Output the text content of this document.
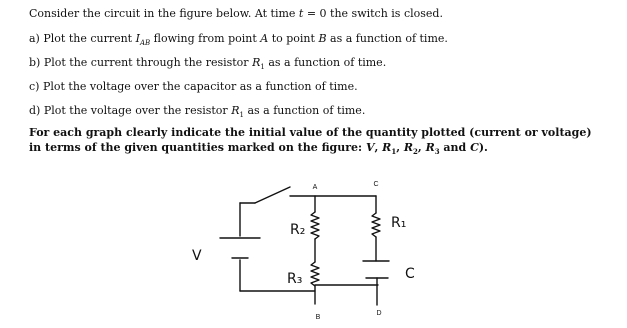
Consider the circuit in the figure below. At time t = 0 the switch is closed.
a) Plot the current $I_{AB}$ flowing from point A to point B as a function of time.
b) Plot the current through the resistor $R_1$ as a function of time.
c) Plot the voltage over the capacitor as a function of time.
d) Plot the voltage over the resistor $R_1$ as a function of time.
For each graph clearly indicate the initial value of the quantity plotted (current or voltage)
in terms of the given quantities marked on the figure: V, $R_1$, $R_2$, $R_3$ and C).
A	C
B
D
V
R₂
R₃
R₁
C
